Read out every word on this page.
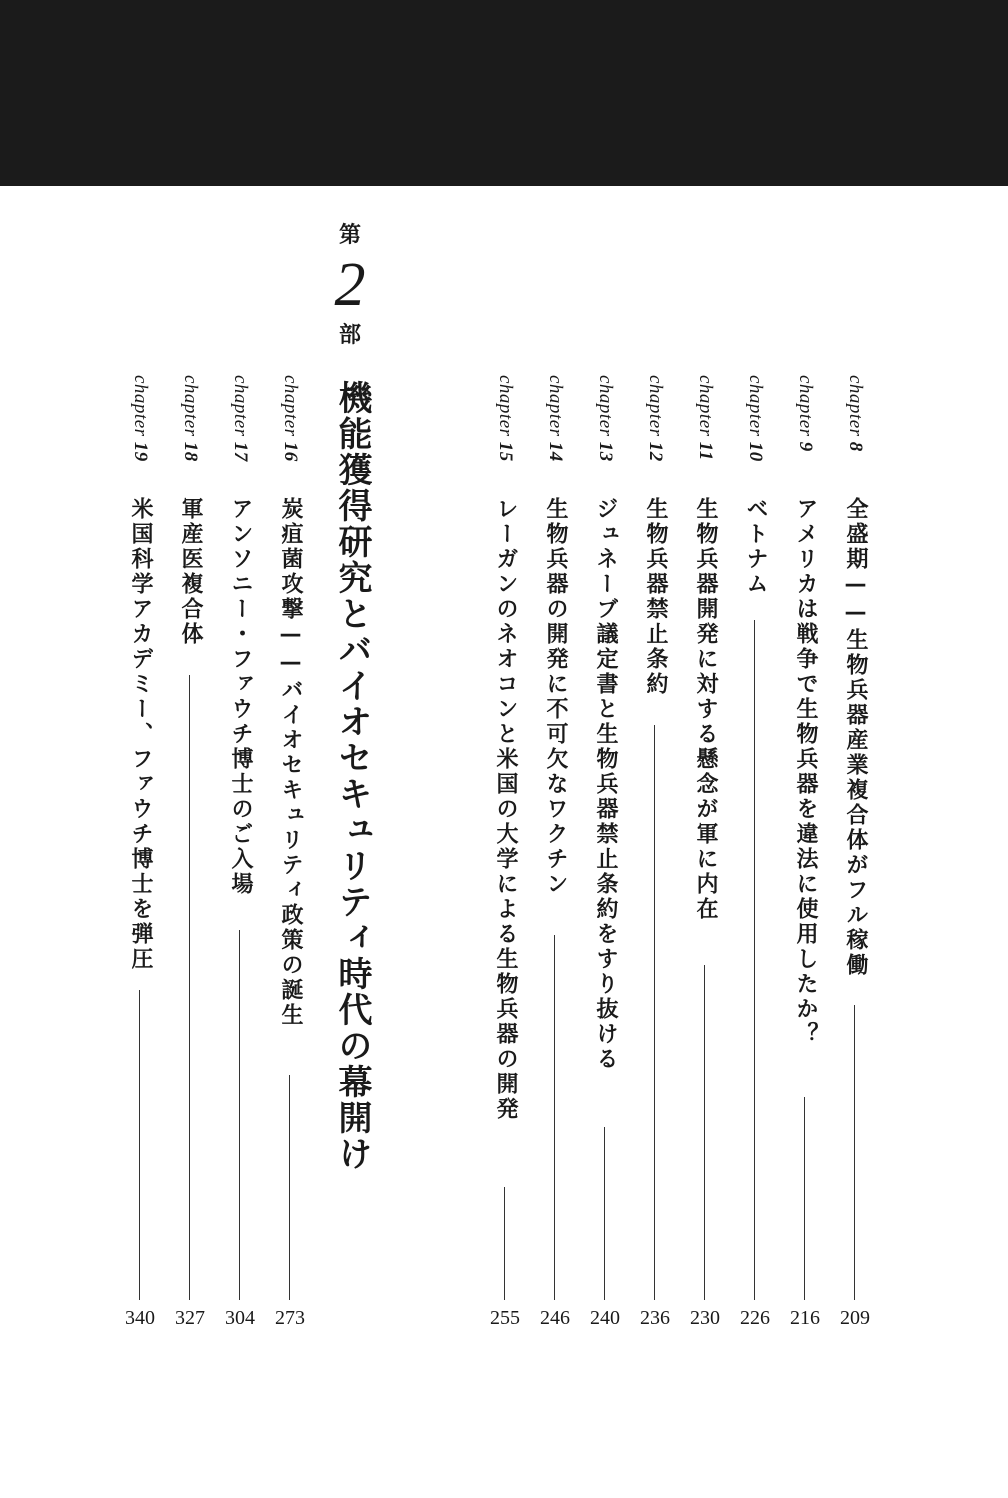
chapter 8
全盛期——生物兵器産業複合体がフル稼働
209
chapter 9
アメリカは戦争で生物兵器を違法に使用したか？
216
chapter 10
ベトナム
226
chapter 11
生物兵器開発に対する懸念が軍に内在
230
chapter 12
生物兵器禁止条約
236
chapter 13
ジュネーブ議定書と生物兵器禁止条約をすり抜ける
240
chapter 14
生物兵器の開発に不可欠なワクチン
246
chapter 15
レーガンのネオコンと米国の大学による生物兵器の開発
255
第
2
部
機能獲得研究とバイオセキュリティ時代の幕開け
chapter 16
炭疽菌攻撃——バイオセキュリティ政策の誕生
273
chapter 17
アンソニー・ファウチ博士のご入場
304
chapter 18
軍産医複合体
327
chapter 19
米国科学アカデミー、ファウチ博士を弾圧
340
